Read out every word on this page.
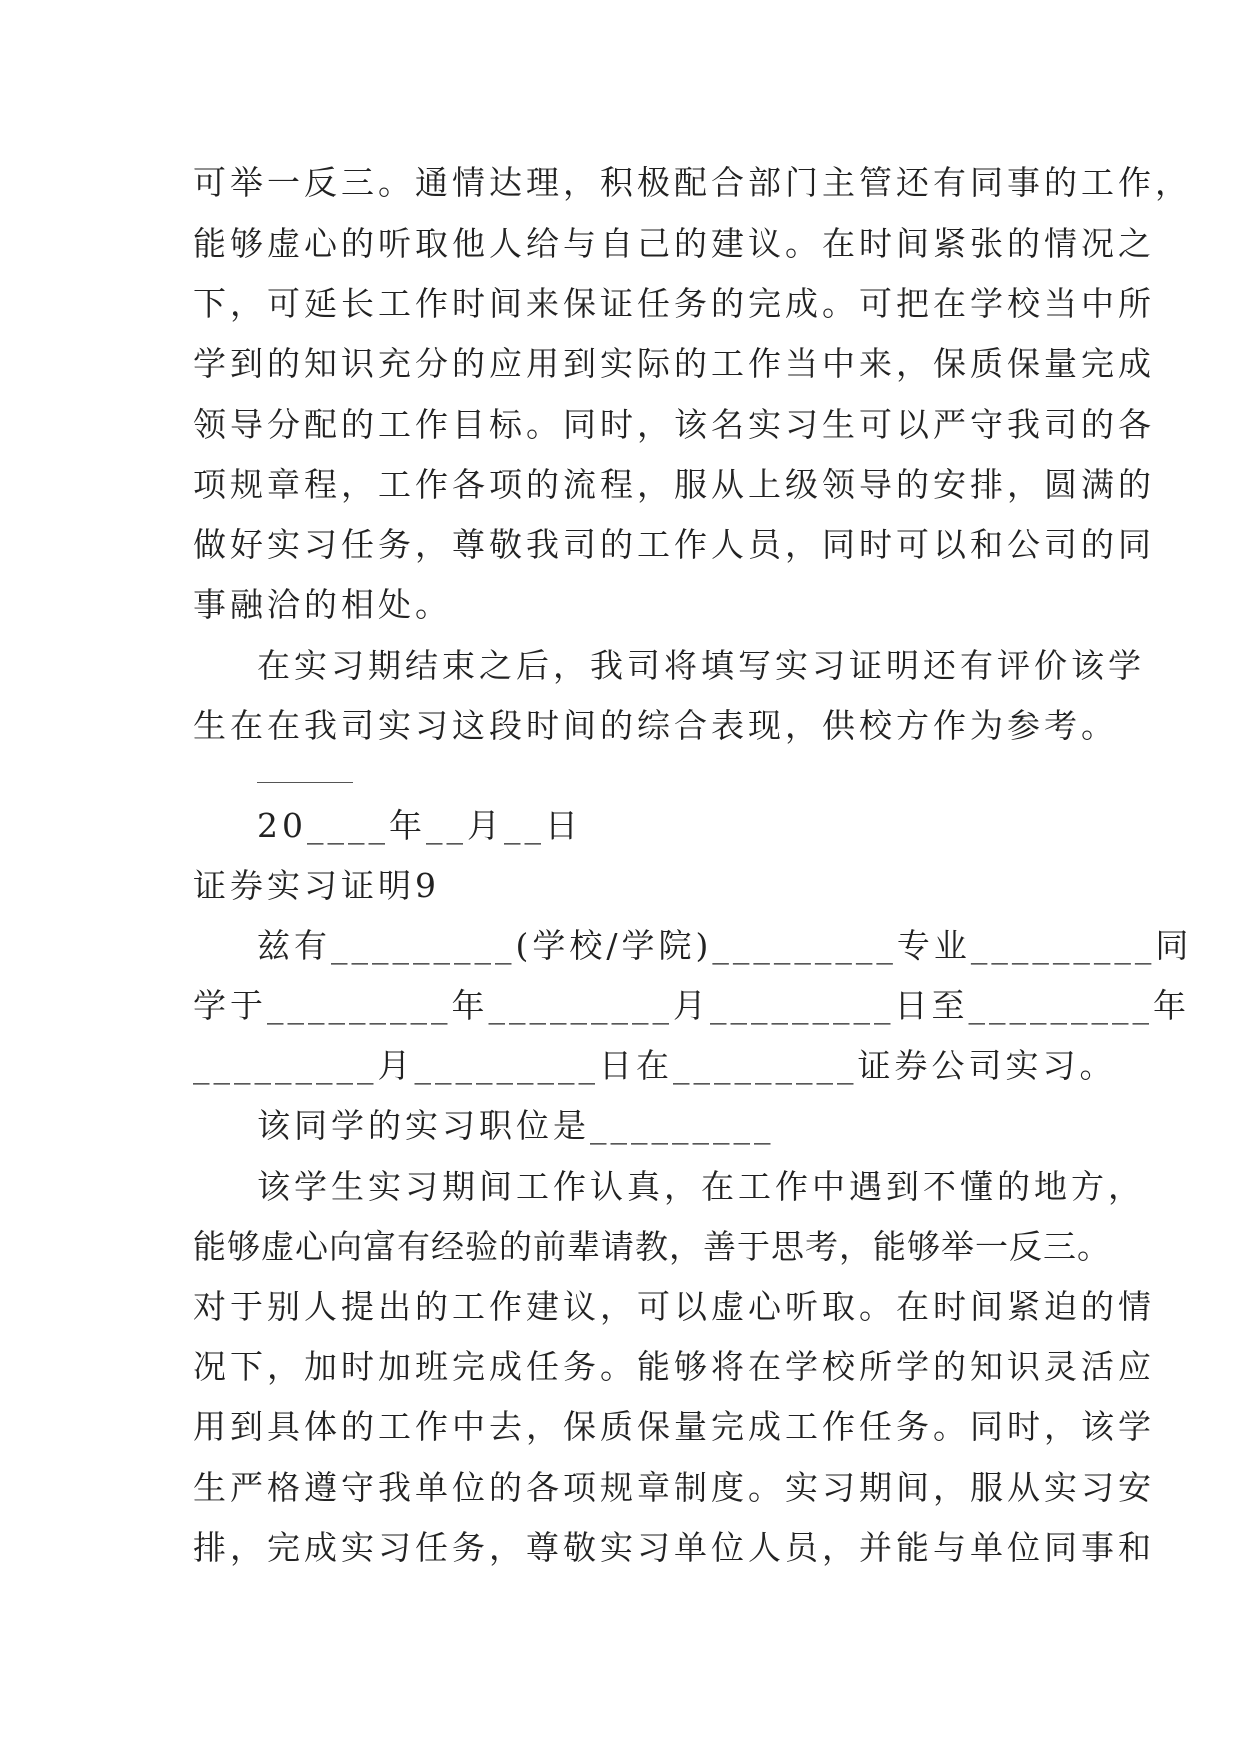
可举一反三。通情达理，积极配合部门主管还有同事的工作，
能够虚心的听取他人给与自己的建议。在时间紧张的情况之
下，可延长工作时间来保证任务的完成。可把在学校当中所
学到的知识充分的应用到实际的工作当中来，保质保量完成
领导分配的工作目标。同时，该名实习生可以严守我司的各
项规章程，工作各项的流程，服从上级领导的安排，圆满的
做好实习任务，尊敬我司的工作人员，同时可以和公司的同
事融洽的相处。
在实习期结束之后，我司将填写实习证明还有评价该学
生在在我司实习这段时间的综合表现，供校方作为参考。
20____年__月__日
证券实习证明9
兹有_________(学校/学院)_________专业_________同
学于_________年_________月_________日至_________年
_________月_________日在_________证券公司实习。
该同学的实习职位是_________
该学生实习期间工作认真，在工作中遇到不懂的地方，
能够虚心向富有经验的前辈请教，善于思考，能够举一反三。
对于别人提出的工作建议，可以虚心听取。在时间紧迫的情
况下，加时加班完成任务。能够将在学校所学的知识灵活应
用到具体的工作中去，保质保量完成工作任务。同时，该学
生严格遵守我单位的各项规章制度。实习期间，服从实习安
排，完成实习任务，尊敬实习单位人员，并能与单位同事和
